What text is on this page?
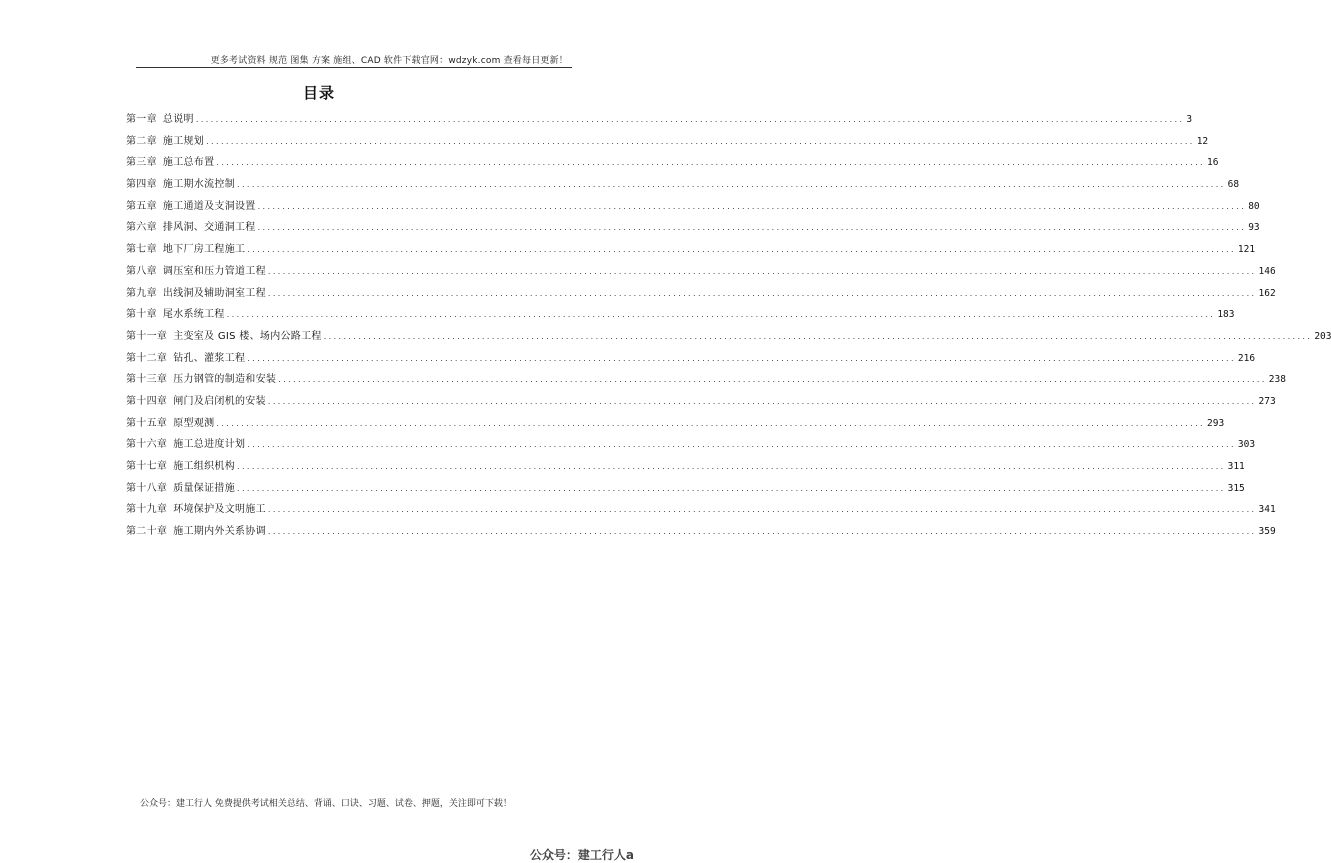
更多考试资料 规范 图集 方案 施组、CAD 软件下载官网：wdzyk.com 查看每日更新！
目录
第一章 总说明 ........................................................................................................................................................................................................ 3
第二章 施工规划 ........................................................................................................................................................................................................ 12
第三章 施工总布置 ........................................................................................................................................................................................................ 16
第四章 施工期水流控制 ........................................................................................................................................................................................................ 68
第五章 施工通道及支洞设置 ........................................................................................................................................................................................................ 80
第六章 排风洞、交通洞工程 ........................................................................................................................................................................................................ 93
第七章 地下厂房工程施工 ........................................................................................................................................................................................................ 121
第八章 调压室和压力管道工程 ........................................................................................................................................................................................................ 146
第九章 出线洞及辅助洞室工程 ........................................................................................................................................................................................................ 162
第十章 尾水系统工程 ........................................................................................................................................................................................................ 183
第十一章 主变室及 GIS 楼、场内公路工程 ........................................................................................................................................................................................................ 203
第十二章 钻孔、灌浆工程 ........................................................................................................................................................................................................ 216
第十三章 压力钢管的制造和安装 ........................................................................................................................................................................................................ 238
第十四章 闸门及启闭机的安装 ........................................................................................................................................................................................................ 273
第十五章 原型观测 ........................................................................................................................................................................................................ 293
第十六章 施工总进度计划 ........................................................................................................................................................................................................ 303
第十七章 施工组织机构 ........................................................................................................................................................................................................ 311
第十八章 质量保证措施 ........................................................................................................................................................................................................ 315
第十九章 环境保护及文明施工 ........................................................................................................................................................................................................ 341
第二十章 施工期内外关系协调 ........................................................................................................................................................................................................ 359
公众号：建工行人 免费提供考试相关总结、背诵、口诀、习题、试卷、押题，关注即可下载！
公众号：建工行人a
